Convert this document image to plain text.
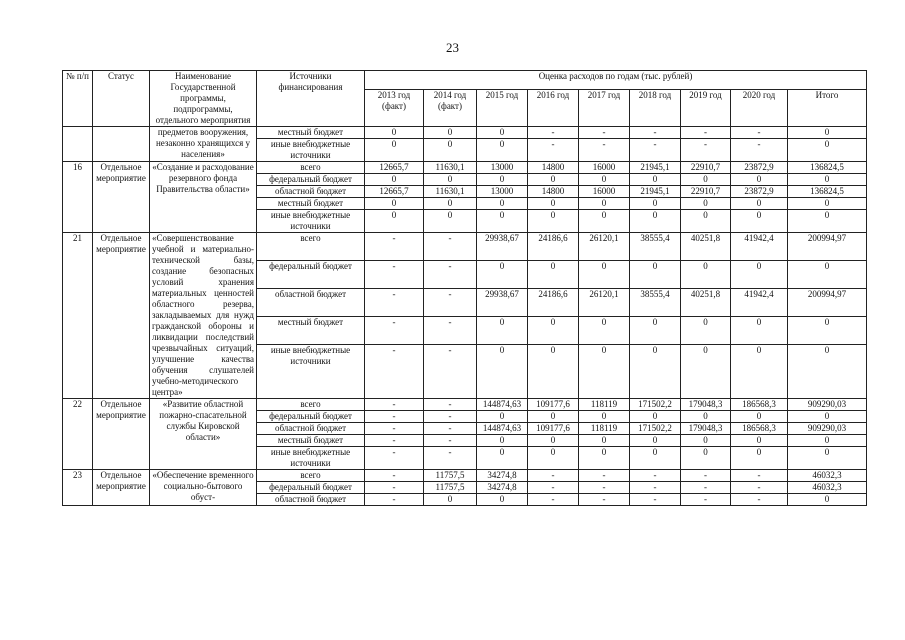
23
№ п/п	Статус	Наименование Государственной программы, подпрограммы, отдельного мероприятия	Источники финансирования	Оценка расходов по годам (тыс. рублей)								
				2013 год (факт)	2014 год (факт)	2015 год	2016 год	2017 год	2018 год	2019 год	2020 год	Итого
		предметов вооружения, незаконно хранящихся у населения»	местный бюджет	0	0	0	-	-	-	-	-	0
			иные внебюджетные источники	0	0	0	-	-	-	-	-	0
16	Отдельное мероприятие	«Создание и расходование резервного фонда Правительства области»	всего	12665,7	11630,1	13000	14800	16000	21945,1	22910,7	23872,9	136824,5
			федеральный бюджет	0	0	0	0	0	0	0	0	0
			областной бюджет	12665,7	11630,1	13000	14800	16000	21945,1	22910,7	23872,9	136824,5
			местный бюджет	0	0	0	0	0	0	0	0	0
			иные внебюджетные источники	0	0	0	0	0	0	0	0	0
21	Отдельное мероприятие	«Совершенствование учебной и материально-технической базы, создание безопасных условий хранения материальных ценностей областного резерва, закладываемых для нужд гражданской обороны и ликвидации последствий чрезвычайных ситуаций, улучшение качества обучения слушателей учебно-методического центра»	всего	-	-	29938,67	24186,6	26120,1	38555,4	40251,8	41942,4	200994,97
			федеральный бюджет	-	-	0	0	0	0	0	0	0
			областной бюджет	-	-	29938,67	24186,6	26120,1	38555,4	40251,8	41942,4	200994,97
			местный бюджет	-	-	0	0	0	0	0	0	0
			иные внебюджетные источники	-	-	0	0	0	0	0	0	0
22	Отдельное мероприятие	«Развитие областной пожарно-спасательной службы Кировской области»	всего	-	-	144874,63	109177,6	118119	171502,2	179048,3	186568,3	909290,03
			федеральный бюджет	-	-	0	0	0	0	0	0	0
			областной бюджет	-	-	144874,63	109177,6	118119	171502,2	179048,3	186568,3	909290,03
			местный бюджет	-	-	0	0	0	0	0	0	0
			иные внебюджетные источники	-	-	0	0	0	0	0	0	0
23	Отдельное мероприятие	«Обеспечение временного социально-бытового обуст-	всего	-	11757,5	34274,8	-	-	-	-	-	46032,3
			федеральный бюджет	-	11757,5	34274,8	-	-	-	-	-	46032,3
			областной бюджет	-	0	0	-	-	-	-	-	0
